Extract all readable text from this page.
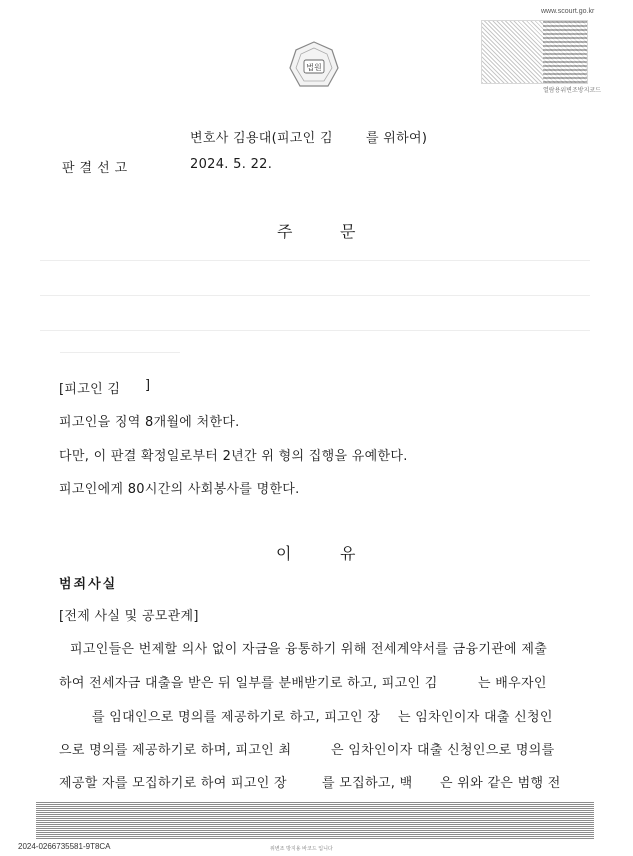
www.scourt.go.kr
열람용위변조방지코드
법원
변호사 김용대(피고인 김	를 위하여)
판결선고	2024. 5. 22.
주	문
[피고인 김 ]
피고인을 징역 8개월에 처한다.
다만, 이 판결 확정일로부터 2년간 위 형의 집행을 유예한다.
피고인에게 80시간의 사회봉사를 명한다.
이	유
범죄사실
[전제 사실 및 공모관계]
피고인들은 번제할 의사 없이 자금을 융통하기 위해 전세계약서를 금융기관에 제출
하여 전세자금 대출을 받은 뒤 일부를 분배받기로 하고, 피고인 김	는 배우자인
를 임대인으로 명의를 제공하기로 하고, 피고인 장 는 임차인이자 대출 신청인
으로 명의를 제공하기로 하며, 피고인 최	은 임차인이자 대출 신청인으로 명의를
제공할 자를 모집하기로 하여 피고인 장	를 모집하고, 백 은 위와 같은 범행 전
2024-0266735581-9T8CA	위변조 방지용 바코드 입니다
